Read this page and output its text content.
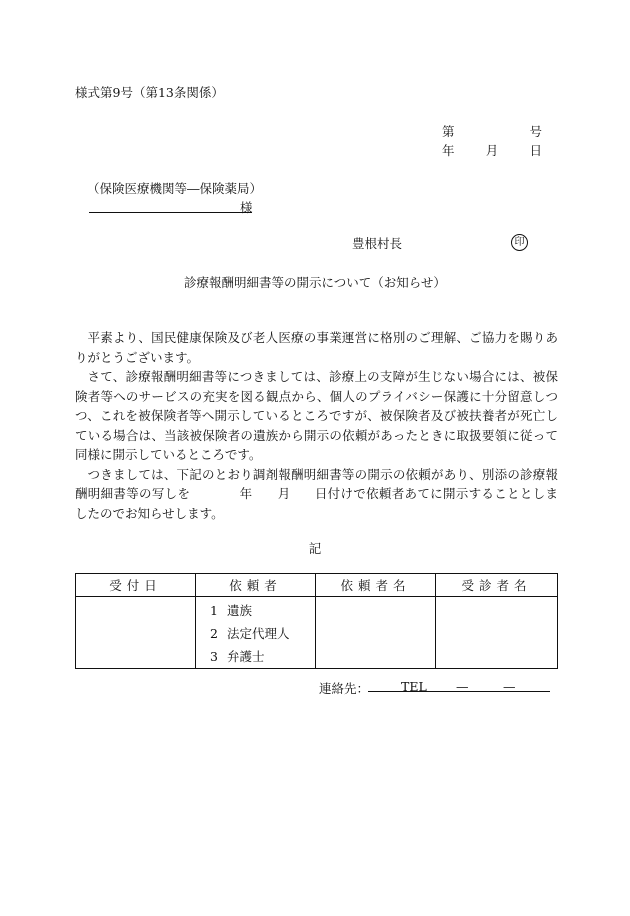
様式第9号（第13条関係）
第	号
年 月 日
（保険医療機関等―保険薬局）
様
豊根村長	印
診療報酬明細書等の開示について（お知らせ）

平素より、国民健康保険及び老人医療の事業運営に格別のご理解、ご協力を賜りありがとうございます。

さて、診療報酬明細書等につきましては、診療上の支障が生じない場合には、被保険者等へのサービスの充実を図る観点から、個人のプライバシー保護に十分留意しつつ、これを被保険者等へ開示しているところですが、被保険者及び被扶養者が死亡している場合は、当該被保険者の遺族から開示の依頼があったときに取扱要領に従って同様に開示しているところです。

つきましては、下記のとおり調剤報酬明細書等の開示の依頼があり、別添の診療報酬明細書等の写しを	年 月 日付けで依頼者あてに開示することとしましたのでお知らせします。

記
受付日	依頼者	依頼者名	受診者名

	1 遺族
2 法定代理人
3 弁護士		

連絡先：	TEL —	—
